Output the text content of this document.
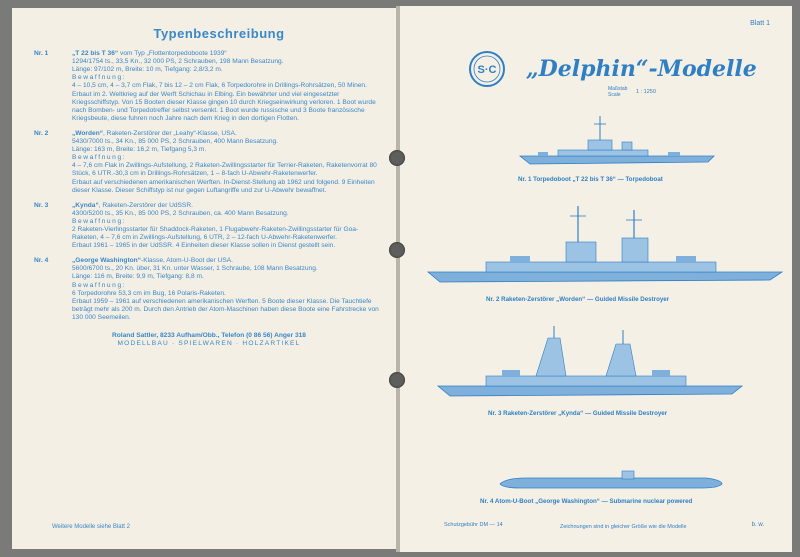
Typenbeschreibung
Nr. 1	„T 22 bis T 36“ vom Typ „Flottentorpedoboote 1939“
1294/1754 ts., 33,5 Kn., 32 000 PS, 2 Schrauben, 198 Mann Besatzung.
Länge: 97/102 m, Breite: 10 m, Tiefgang: 2,8/3,2 m.
Bewaffnung:
4 – 10,5 cm, 4 – 3,7 cm Flak, 7 bis 12 – 2 cm Flak, 6 Torpedorohre in Drillings-Rohrsätzen, 50 Minen.
Erbaut im 2. Weltkrieg auf der Werft Schichau in Elbing. Ein bewährter und viel eingesetzter Kriegsschiffstyp. Von 15 Booten dieser Klasse gingen 10 durch Kriegseinwirkung verloren. 1 Boot wurde nach Bomben- und Torpedotreffer selbst versenkt. 1 Boot wurde russische und 3 Boote französische Kriegsbeute, diese fuhren noch Jahre nach dem Krieg in den dortigen Flotten.
Nr. 2	„Worden“, Raketen-Zerstörer der „Leahy“-Klasse, USA.
5430/7000 ts., 34 Kn., 85 000 PS, 2 Schrauben, 400 Mann Besatzung.
Länge: 163 m, Breite: 16,2 m, Tiefgang 5,3 m.
Bewaffnung:
4 – 7,6 cm Flak in Zwillings-Aufstellung, 2 Raketen-Zwillingsstarter für Terrier-Raketen, Raketenvorrat 80 Stück, 6 UTR.-30,3 cm in Drillings-Rohrsätzen, 1 – 8-fach U-Abwehr-Raketenwerfer.
Erbaut auf verschiedenen amerikanischen Werften. In-Dienst-Stellung ab 1962 und folgend. 9 Einheiten dieser Klasse. Dieser Schiffstyp ist nur gegen Luftangriffe und zur U-Abwehr bewaffnet.
Nr. 3	„Kynda“, Raketen-Zerstörer der UdSSR.
4300/5200 ts., 35 Kn., 85 000 PS, 2 Schrauben, ca. 400 Mann Besatzung.
Bewaffnung:
2 Raketen-Vierlingsstarter für Shaddock-Raketen, 1 Flugabwehr-Raketen-Zwillingsstarter für Goa-Raketen, 4 – 7,6 cm in Zwillings-Aufstellung, 6 UTR, 2 – 12-fach U-Abwehr-Raketenwerfer.
Erbaut 1961 – 1965 in der UdSSR. 4 Einheiten dieser Klasse sollen in Dienst gestellt sein.
Nr. 4	„George Washington“-Klasse, Atom-U-Boot der USA.
5600/6700 ts., 20 Kn. über, 31 Kn. unter Wasser, 1 Schraube, 108 Mann Besatzung.
Länge: 116 m, Breite: 9,9 m, Tiefgang: 8,8 m.
Bewaffnung:
6 Torpedorohre 53,3 cm im Bug, 16 Polaris-Raketen.
Erbaut 1959 – 1961 auf verschiedenen amerikanischen Werften. 5 Boote dieser Klasse. Die Tauchtiefe beträgt mehr als 200 m. Durch den Antrieb der Atom-Maschinen haben diese Boote eine Fahrstrecke von 130 000 Seemeilen.
Roland Sattler, 8233 Aufham/Obb., Telefon (0 86 56) Anger 318
MODELLBAU · SPIELWAREN · HOLZARTIKEL
Weitere Modelle siehe Blatt 2
Blatt 1
S·C „Delphin“-Modelle
Maßstab
Scale	1 : 1250
Nr. 1 Torpedoboot „T 22 bis T 36“ — Torpedoboat
Nr. 2 Raketen-Zerstörer „Worden“ — Guided Missile Destroyer
Nr. 3 Raketen-Zerstörer „Kynda“ — Guided Missile Destroyer
Nr. 4 Atom-U-Boot „George Washington“ — Submarine nuclear powered
Schutzgebühr DM — 14	Zeichnungen sind in gleicher Größe wie die Modelle	b. w.
